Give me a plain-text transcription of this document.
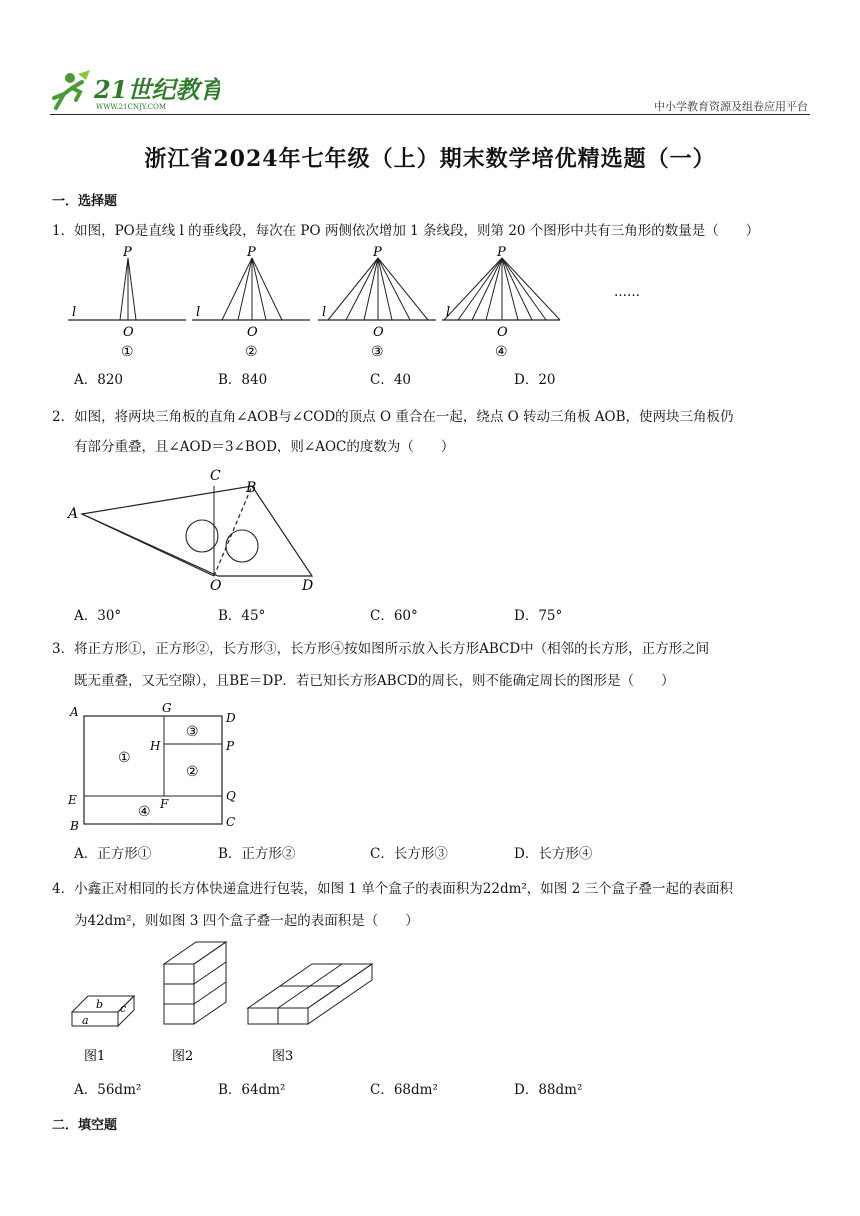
21世纪教育
WWW.21CNJY.COM	中小学教育资源及组卷应用平台
浙江省2024年七年级（上）期末数学培优精选题（一）
一．选择题
1．如图，PO是直线 l 的垂线段，每次在 PO 两侧依次增加 1 条线段，则第 20 个图形中共有三角形的数量是（　　）
l
P
O
①
l
P
O
②
l
P
O
③
l
P
O
④
……
A．820	B．840	C．40	D．20
2．如图，将两块三角板的直角∠AOB与∠COD的顶点 O 重合在一起，绕点 O 转动三角板 AOB，使两块三角板仍
有部分重叠，且∠AOD＝3∠BOD，则∠AOC的度数为（　　）
A
C
B
O	D
A．30°	B．45°	C．60°	D．75°
3．将正方形①，正方形②，长方形③，长方形④按如图所示放入长方形ABCD中（相邻的长方形，正方形之间
既无重叠，又无空隙），且BE＝DP．若已知长方形ABCD的周长，则不能确定周长的图形是（　　）
A	G
D
H	P
E	F
Q
B	C
①
③
②
④
A．正方形①	B．正方形②	C．长方形③	D．长方形④
4．小鑫正对相同的长方体快递盒进行包装，如图 1 单个盒子的表面积为22dm²，如图 2 三个盒子叠一起的表面积
为42dm²，则如图 3 四个盒子叠一起的表面积是（　　）
a
b c
图1	图2	图3
A．56dm²	B．64dm²	C．68dm²	D．88dm²
二．填空题
